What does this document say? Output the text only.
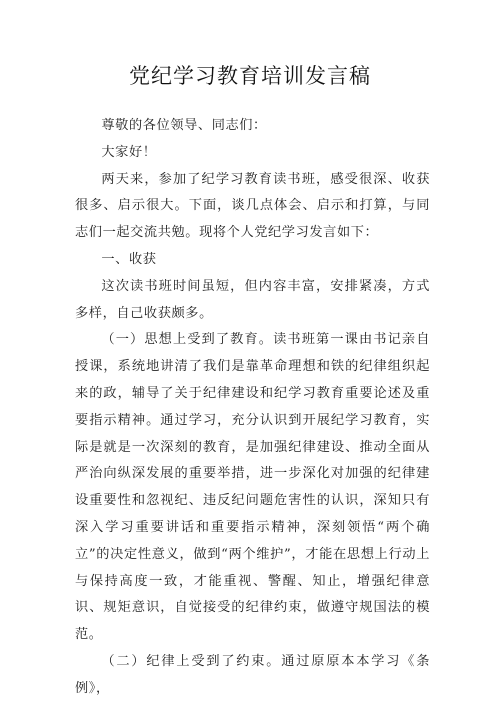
党纪学习教育培训发言稿

尊敬的各位领导、同志们：

大家好！

两天来，参加了纪学习教育读书班，感受很深、收获很多、启示很大。下面，谈几点体会、启示和打算，与同志们一起交流共勉。现将个人党纪学习发言如下：

一、收获

这次读书班时间虽短，但内容丰富，安排紧凑，方式多样，自己收获颇多。

（一）思想上受到了教育。读书班第一课由书记亲自授课，系统地讲清了我们是靠革命理想和铁的纪律组织起来的政，辅导了关于纪律建设和纪学习教育重要论述及重要指示精神。通过学习，充分认识到开展纪学习教育，实际是就是一次深刻的教育，是加强纪律建设、推动全面从严治向纵深发展的重要举措，进一步深化对加强的纪律建设重要性和忽视纪、违反纪问题危害性的认识，深知只有深入学习重要讲话和重要指示精神，深刻领悟“两个确立”的决定性意义，做到“两个维护”，才能在思想上行动上与保持高度一致，才能重视、警醒、知止，增强纪律意识、规矩意识，自觉接受的纪律约束，做遵守规国法的模范。

（二）纪律上受到了约束。通过原原本本学习《条例》，
